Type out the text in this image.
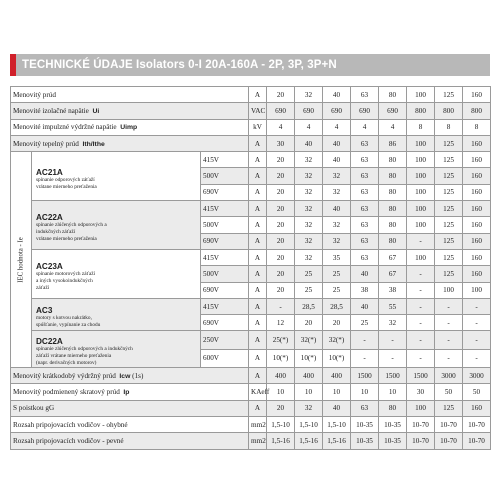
TECHNICKÉ ÚDAJE Isolators 0-I 20A-160A - 2P, 3P, 3P+N
Menovitý prúd			A	20	32	40	63	80	100	125	160
Menovité izolačné napätie Ui			VAC	690	690	690	690	690	800	800	800
Menovité impulzné výdržné napätie Uimp			kV	4	4	4	4	4	8	8	8
Menovitý tepelný prúd Ith/Ithe			A	30	40	40	63	86	100	125	160

IEC hodnota - Ie	AC21A
spínanie odporových záťaží
vrátane mierneho preťaženia	415V	A	20	32	40	63	80	100	125	160
		500V	A	20	32	32	63	80	100	125	160
		690V	A	20	32	32	63	80	100	125	160
	AC22A
spínanie zlúčených odporových a
indukčných záťaží
vrátane mierneho preťaženia	415V	A	20	32	40	63	80	100	125	160
		500V	A	20	32	32	63	80	100	125	160
		690V	A	20	32	32	63	80	-	125	160
	AC23A
spínanie motorových záťaží
a iných vysokoindukčných
záťaží	415V	A	20	32	35	63	67	100	125	160
		500V	A	20	25	25	40	67	-	125	160
		690V	A	20	25	25	38	38	-	100	100
	AC3
motory s kotvou nakrátko,
spúšťanie, vypínanie za chodu	415V	A	-	28,5	28,5	40	55	-	-	-
		690V	A	12	20	20	25	32	-	-	-
	DC22A
spínanie zlúčených odporových a indukčných
záťaží vrátane mierneho preťaženia
(napr. derivačných motorov)	250V	A	25(*)	32(*)	32(*)	-	-	-	-	-
		600V	A	10(*)	10(*)	10(*)	-	-	-	-	-
Menovitý krátkodobý výdržný prúd Icw (1s)			A	400	400	400	1500	1500	1500	3000	3000
Menovitý podmienený skratový prúd Ip			KAeff	10	10	10	10	10	30	50	50
S poistkou gG			A	20	32	40	63	80	100	125	160
Rozsah pripojovacích vodičov - ohybné			mm2	1,5-10	1,5-10	1,5-10	10-35	10-35	10-70	10-70	10-70
Rozsah pripojovacích vodičov - pevné			mm2	1,5-16	1,5-16	1,5-16	10-35	10-35	10-70	10-70	10-70
